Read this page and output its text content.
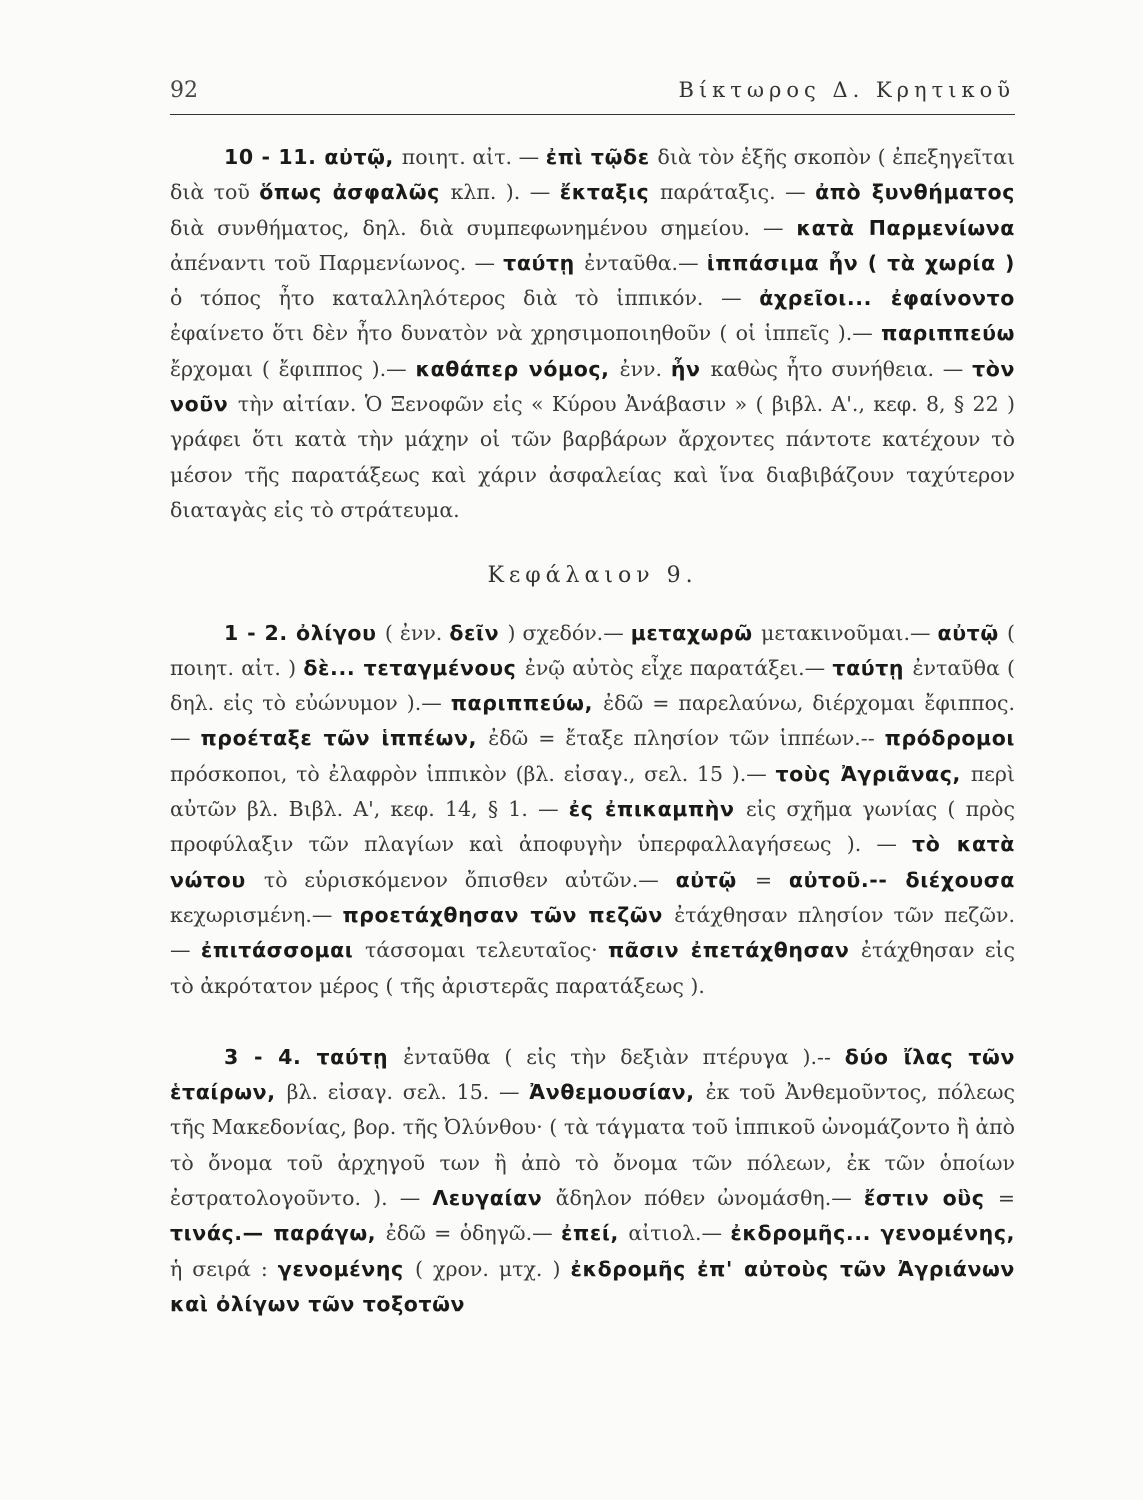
92	Βίκτωρος Δ. Κρητικοῦ

10 - 11. αὐτῷ, ποιητ. αἰτ. — ἐπὶ τῷδε διὰ τὸν ἑξῆς σκοπὸν ( ἐπεξηγεῖται διὰ τοῦ ὅπως ἀσφαλῶς κλπ. ). — ἔκταξις παράταξις. — ἀπὸ ξυνθήματος διὰ συνθήματος, δηλ. διὰ συμπεφωνημένου σημείου. — κατὰ Παρμενίωνα ἀπέναντι τοῦ Παρμενίωνος. — ταύτῃ ἐνταῦθα.— ἱππάσιμα ἦν ( τὰ χωρία ) ὁ τόπος ἦτο καταλληλότερος διὰ τὸ ἱππικόν. — ἀχρεῖοι... ἐφαίνοντο ἐφαίνετο ὅτι δὲν ἦτο δυνατὸν νὰ χρησιμοποιηθοῦν ( οἱ ἱππεῖς ).— παριππεύω ἔρχομαι ( ἔφιππος ).— καθάπερ νόμος, ἐνν. ἦν καθὼς ἦτο συνήθεια. — τὸν νοῦν τὴν αἰτίαν. Ὁ Ξενοφῶν εἰς « Κύρου Ἀνάβασιν » ( βιβλ. Α'., κεφ. 8, § 22 ) γράφει ὅτι κατὰ τὴν μάχην οἱ τῶν βαρβάρων ἄρχοντες πάντοτε κατέχουν τὸ μέσον τῆς παρατάξεως καὶ χάριν ἀσφαλείας καὶ ἵνα διαβιβάζουν ταχύτερον διαταγὰς εἰς τὸ στράτευμα.

Κεφάλαιον 9.

1 - 2. ὀλίγου ( ἐνν. δεῖν ) σχεδόν.— μεταχωρῶ μετακινοῦμαι.— αὐτῷ ( ποιητ. αἰτ. ) δὲ... τεταγμένους ἐνῷ αὐτὸς εἶχε παρατάξει.— ταύτῃ ἐνταῦθα ( δηλ. εἰς τὸ εὐώνυμον ).— παριππεύω, ἐδῶ = παρελαύνω, διέρχομαι ἔφιππος. — προέταξε τῶν ἱππέων, ἐδῶ = ἔταξε πλησίον τῶν ἱππέων.-- πρόδρομοι πρόσκοποι, τὸ ἐλαφρὸν ἱππικὸν (βλ. εἰσαγ., σελ. 15 ).— τοὺς Ἀγριᾶνας, περὶ αὐτῶν βλ. Βιβλ. Α', κεφ. 14, § 1. — ἐς ἐπικαμπὴν εἰς σχῆμα γωνίας ( πρὸς προφύλαξιν τῶν πλαγίων καὶ ἀποφυγὴν ὑπερφαλλαγήσεως ). — τὸ κατὰ νώτου τὸ εὑρισκόμενον ὄπισθεν αὐτῶν.— αὐτῷ = αὐτοῦ.-- διέχουσα κεχωρισμένη.— προετάχθησαν τῶν πεζῶν ἐτάχθησαν πλησίον τῶν πεζῶν. — ἐπιτάσσομαι τάσσομαι τελευταῖος· πᾶσιν ἐπετάχθησαν ἐτάχθησαν εἰς τὸ ἀκρότατον μέρος ( τῆς ἀριστερᾶς παρατάξεως ).

3 - 4. ταύτῃ ἐνταῦθα ( εἰς τὴν δεξιὰν πτέρυγα ).-- δύο ἴλας τῶν ἑταίρων, βλ. εἰσαγ. σελ. 15. — Ἀνθεμουσίαν, ἐκ τοῦ Ἀνθεμοῦντος, πόλεως τῆς Μακεδονίας, βορ. τῆς Ὀλύνθου· ( τὰ τάγματα τοῦ ἱππικοῦ ὠνομάζοντο ἢ ἀπὸ τὸ ὄνομα τοῦ ἀρχηγοῦ των ἢ ἀπὸ τὸ ὄνομα τῶν πόλεων, ἐκ τῶν ὁποίων ἐστρατολογοῦντο. ). — Λευγαίαν ἄδηλον πόθεν ὠνομάσθη.— ἔστιν οὓς = τινάς.— παράγω, ἐδῶ = ὁδηγῶ.— ἐπεί, αἰτιολ.— ἐκδρομῆς... γενομένης, ἡ σειρά : γενομένης ( χρον. μτχ. ) ἐκδρομῆς ἐπ' αὐτοὺς τῶν Ἀγριάνων καὶ ὀλίγων τῶν τοξοτῶν
